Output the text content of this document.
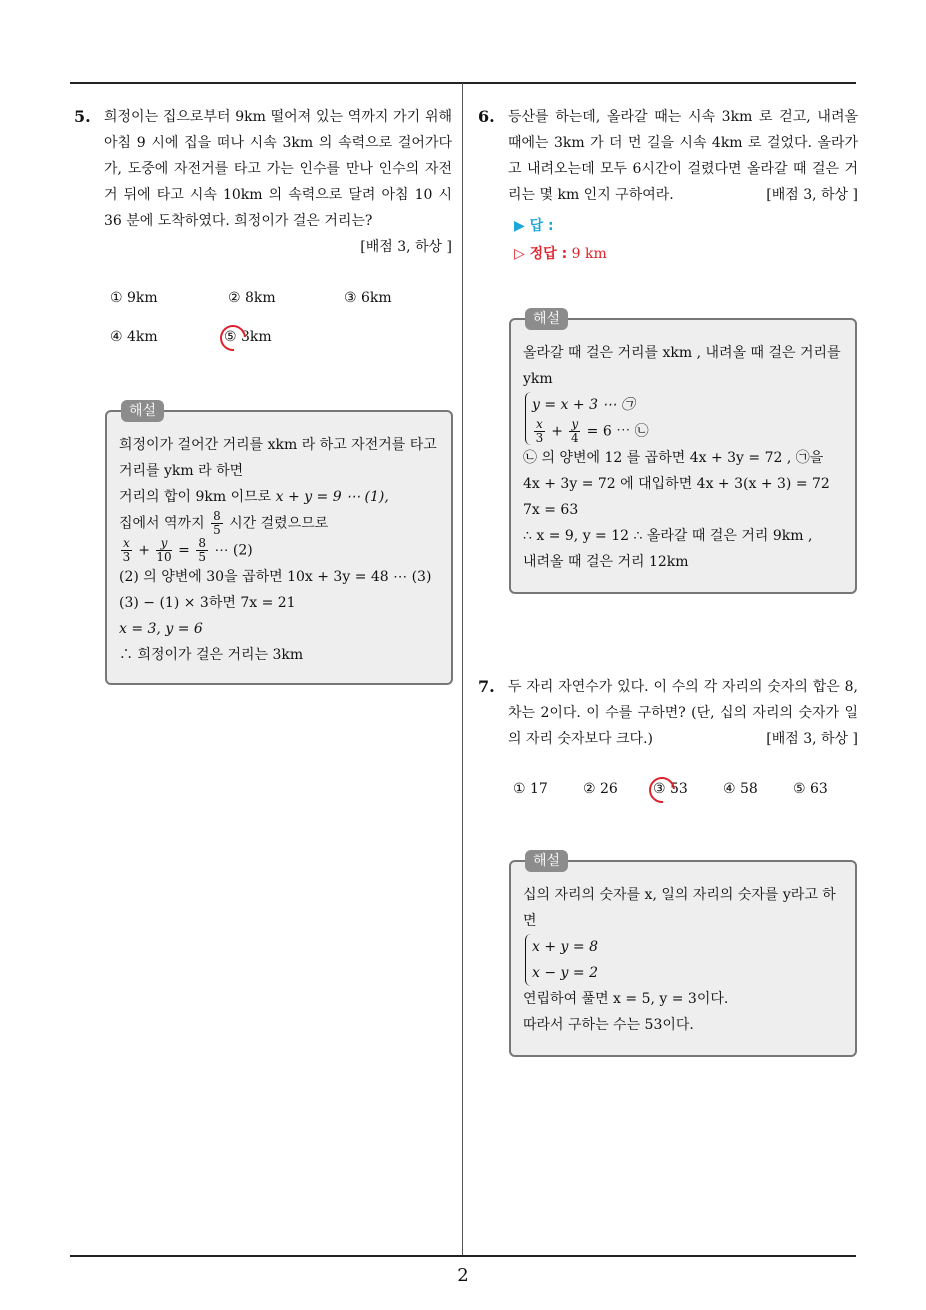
2
5. 희정이는 집으로부터 9km 떨어져 있는 역까지 가기 위해 아침 9 시에 집을 떠나 시속 3km 의 속력으로 걸어가다가, 도중에 자전거를 타고 가는 인수를 만나 인수의 자전거 뒤에 타고 시속 10km 의 속력으로 달려 아침 10 시 36 분에 도착하였다. 희정이가 걸은 거리는?
[배점 3, 하상 ]
① 9km	② 8km	③ 6km
④ 4km	⑤ 3km
해설
희정이가 걸어간 거리를 xkm 라 하고 자전거를 타고 거리를 ykm 라 하면
거리의 합이 9km 이므로 x + y = 9 ⋯ (1),
집에서 역까지 $\frac{8}{5}$ 시간 걸렸으므로
$\frac{x}{3} + \frac{y}{10} = \frac{8}{5}$ ⋯ (2)
(2) 의 양변에 30을 곱하면 10x + 3y = 48 ⋯ (3)
(3) − (1) × 3하면 7x = 21
x = 3, y = 6
∴ 희정이가 걸은 거리는 3km
6. 등산를 하는데, 올라갈 때는 시속 3km 로 걷고, 내려올 때에는 3km 가 더 먼 길을 시속 4km 로 걸었다. 올라가고 내려오는데 모두 6시간이 걸렸다면 올라갈 때 걸은 거리는 몇 km 인지 구하여라.	[배점 3, 하상 ]
▶ 답 :
▷ 정답 : 9 km
해설
올라갈 때 걸은 거리를 xkm , 내려올 때 걸은 거리를 ykm
y = x + 3 ⋯ ㉠
$\frac{x}{3} + \frac{y}{4} = 6$ ⋯ ㉡
㉡ 의 양변에 12 를 곱하면 4x + 3y = 72 , ㉠을
4x + 3y = 72 에 대입하면 4x + 3(x + 3) = 72
7x = 63
∴ x = 9, y = 12 ∴ 올라갈 때 걸은 거리 9km ,
내려올 때 걸은 거리 12km
7. 두 자리 자연수가 있다. 이 수의 각 자리의 숫자의 합은 8, 차는 2이다. 이 수를 구하면? (단, 십의 자리의 숫자가 일의 자리 숫자보다 크다.)	[배점 3, 하상 ]
① 17	② 26	③ 53	④ 58	⑤ 63
해설
십의 자리의 숫자를 x, 일의 자리의 숫자를 y라고 하면
x + y = 8
x − y = 2
연립하여 풀면 x = 5, y = 3이다.
따라서 구하는 수는 53이다.
